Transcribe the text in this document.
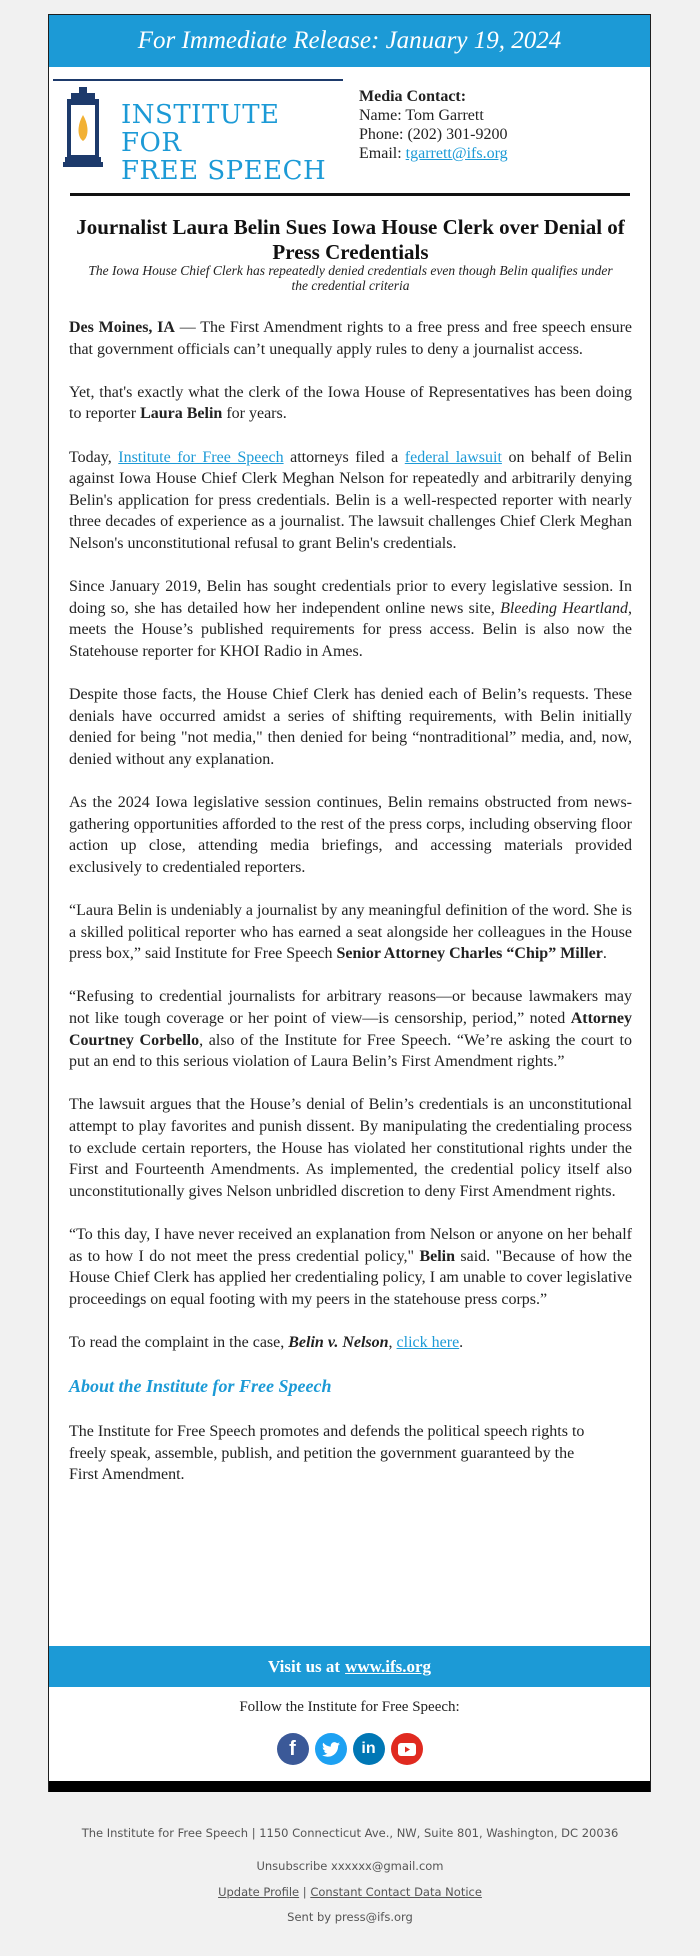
For Immediate Release: January 19, 2024
INSTITUTE FOR
FREE SPEECH
Media Contact:
Name: Tom Garrett
Phone: (202) 301-9200
Email: tgarrett@ifs.org
Journalist Laura Belin Sues Iowa House Clerk over Denial of Press Credentials
The Iowa House Chief Clerk has repeatedly denied credentials even though Belin qualifies under the credential criteria

Des Moines, IA — The First Amendment rights to a free press and free speech ensure that government officials can’t unequally apply rules to deny a journalist access.

Yet, that's exactly what the clerk of the Iowa House of Representatives has been doing to reporter Laura Belin for years.

Today, Institute for Free Speech attorneys filed a federal lawsuit on behalf of Belin against Iowa House Chief Clerk Meghan Nelson for repeatedly and arbitrarily denying Belin's application for press credentials. Belin is a well-respected reporter with nearly three decades of experience as a journalist. The lawsuit challenges Chief Clerk Meghan Nelson's unconstitutional refusal to grant Belin's credentials.

Since January 2019, Belin has sought credentials prior to every legislative session. In doing so, she has detailed how her independent online news site, Bleeding Heartland, meets the House’s published requirements for press access. Belin is also now the Statehouse reporter for KHOI Radio in Ames.

Despite those facts, the House Chief Clerk has denied each of Belin’s requests. These denials have occurred amidst a series of shifting requirements, with Belin initially denied for being "not media," then denied for being “nontraditional” media, and, now, denied without any explanation.

As the 2024 Iowa legislative session continues, Belin remains obstructed from news-gathering opportunities afforded to the rest of the press corps, including observing floor action up close, attending media briefings, and accessing materials provided exclusively to credentialed reporters.

“Laura Belin is undeniably a journalist by any meaningful definition of the word. She is a skilled political reporter who has earned a seat alongside her colleagues in the House press box,” said Institute for Free Speech Senior Attorney Charles “Chip” Miller.

“Refusing to credential journalists for arbitrary reasons—or because lawmakers may not like tough coverage or her point of view—is censorship, period,” noted Attorney Courtney Corbello, also of the Institute for Free Speech. “We’re asking the court to put an end to this serious violation of Laura Belin’s First Amendment rights.”

The lawsuit argues that the House’s denial of Belin’s credentials is an unconstitutional attempt to play favorites and punish dissent. By manipulating the credentialing process to exclude certain reporters, the House has violated her constitutional rights under the First and Fourteenth Amendments. As implemented, the credential policy itself also unconstitutionally gives Nelson unbridled discretion to deny First Amendment rights.

“To this day, I have never received an explanation from Nelson or anyone on her behalf as to how I do not meet the press credential policy," Belin said. "Because of how the House Chief Clerk has applied her credentialing policy, I am unable to cover legislative proceedings on equal footing with my peers in the statehouse press corps.”

To read the complaint in the case, Belin v. Nelson, click here.

About the Institute for Free Speech

The Institute for Free Speech promotes and defends the political speech rights to freely speak, assemble, publish, and petition the government guaranteed by the First Amendment.

Visit us at www.ifs.org
Follow the Institute for Free Speech:
f	in

The Institute for Free Speech | 1150 Connecticut Ave., NW, Suite 801, Washington, DC 20036

Unsubscribe xxxxxx@gmail.com

Update Profile | Constant Contact Data Notice

Sent by press@ifs.org
